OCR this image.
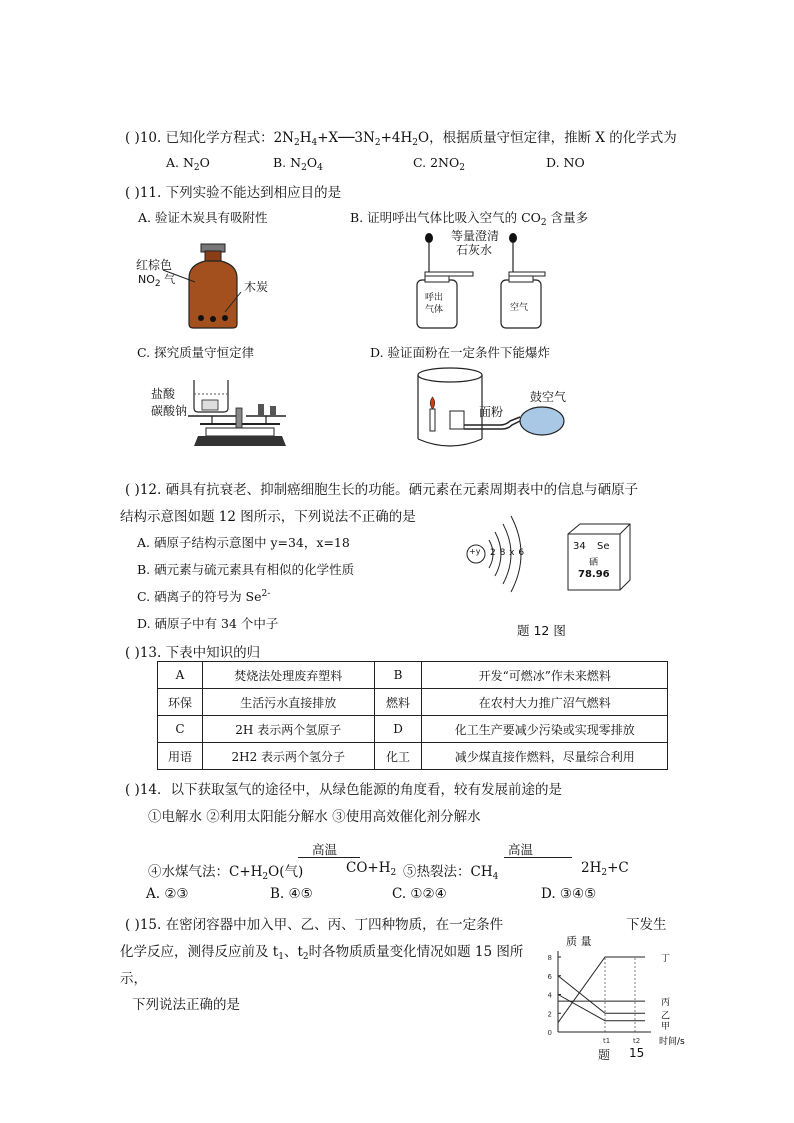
( )10. 已知化学方程式：$2N_2H_4+X──3N_2+4H_2O$，根据质量守恒定律，推断 X 的化学式为
A. $N_2O$	B. $N_2O_4$	C. $2NO_2$	D. NO
( )11. 下列实验不能达到相应目的是
A. 验证木炭具有吸附性	B. 证明呼出气体比吸入空气的 $CO_2$ 含量多
红棕色
$NO_2$ 气
木炭
等量澄清
石灰水
呼出
气体	空气
C. 探究质量守恒定律	D. 验证面粉在一定条件下能爆炸
盐酸
碳酸钠	面粉
鼓空气
( )12. 硒具有抗衰老、抑制癌细胞生长的功能。硒元素在元素周期表中的信息与硒原子
结构示意图如题 12 图所示，下列说法不正确的是
A. 硒原子结构示意图中 y=34，x=18
B. 硒元素与硫元素具有相似的化学性质
C. 硒离子的符号为 $Se^{2-}$
D. 硒原子中有 34 个中子
+y 2 8 x 6
34 Se
硒
78.96
题 12 图
( )13. 下表中知识的归
A	焚烧法处理废弃塑料	B	开发“可燃冰”作未来燃料
环保	生活污水直接排放	燃料	在农村大力推广沼气燃料
C	2H 表示两个氢原子	D	化工生产要减少污染或实现零排放
用语	2H2 表示两个氢分子	化工	减少煤直接作燃料，尽量综合利用
( )14．以下获取氢气的途径中，从绿色能源的角度看，较有发展前途的是
①电解水 ②利用太阳能分解水 ③使用高效催化剂分解水
④水煤气法：$C+H_2O$(气)
高温
$CO+H_2$ ⑤热裂法：$CH_4$
高温
$2H_2+C$
A. ②③	B. ④⑤	C. ①②④	D. ③④⑤
( )15. 在密闭容器中加入甲、乙、丙、丁四种物质，在一定条件	下发生
化学反应，测得反应前及 $t_1$、$t_2$时各物质质量变化情况如题 15 图所
示，
下列说法正确的是
0
2
4
6
8
t1	t2
质 量
时间/s
丁
丙
乙
甲
题 15
